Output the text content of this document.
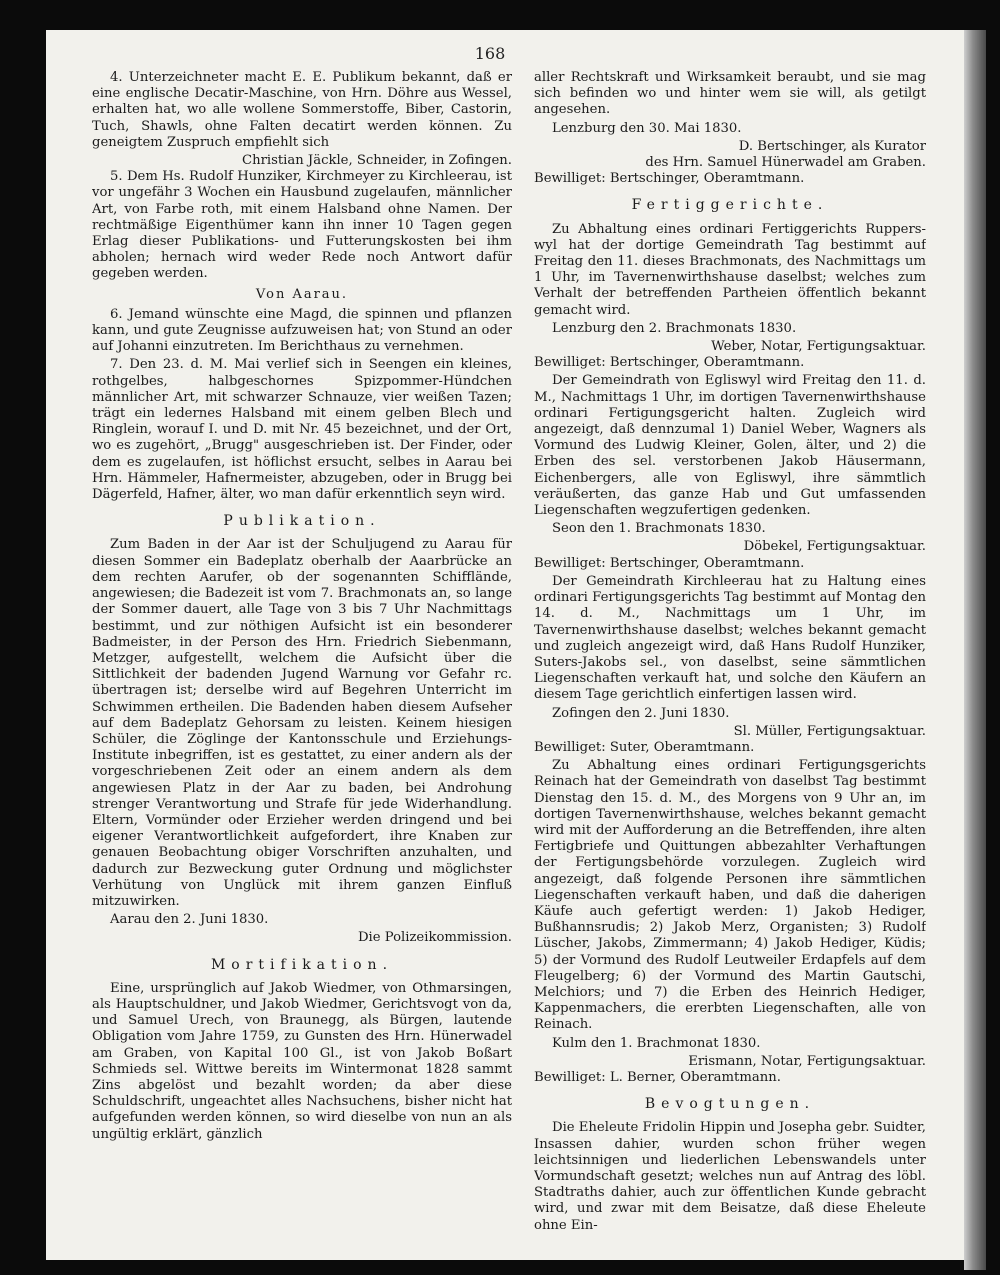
168

4. Unterzeichneter macht E. E. Publikum bekannt, daß er eine englische Decatir-Maschine, von Hrn. Döhre aus Wessel, erhalten hat, wo alle wollene Sommerstoffe, Biber, Castorin, Tuch, Shawls, ohne Falten decatirt werden können. Zu geneigtem Zuspruch empfiehlt sich

Christian Jäckle, Schneider, in Zofingen.

5. Dem Hs. Rudolf Hunziker, Kirchmeyer zu Kirchleerau, ist vor ungefähr 3 Wochen ein Hausbund zugelaufen, männlicher Art, von Farbe roth, mit einem Halsband ohne Namen. Der rechtmäßige Eigenthümer kann ihn inner 10 Tagen gegen Erlag dieser Publikations- und Futterungskosten bei ihm abholen; hernach wird weder Rede noch Antwort dafür gegeben werden.

Von Aarau.

6. Jemand wünschte eine Magd, die spinnen und pflanzen kann, und gute Zeugnisse aufzuweisen hat; von Stund an oder auf Johanni einzutreten. Im Berichthaus zu vernehmen.

7. Den 23. d. M. Mai verlief sich in Seengen ein kleines, rothgelbes, halbgeschornes Spizpommer-Hündchen männlicher Art, mit schwarzer Schnauze, vier weißen Tazen; trägt ein ledernes Halsband mit einem gelben Blech und Ringlein, worauf I. und D. mit Nr. 45 bezeichnet, und der Ort, wo es zugehört, „Brugg" ausgeschrieben ist. Der Finder, oder dem es zugelaufen, ist höflichst ersucht, selbes in Aarau bei Hrn. Hämmeler, Hafnermeister, abzugeben, oder in Brugg bei Dägerfeld, Hafner, älter, wo man dafür erkenntlich seyn wird.

Publikation.

Zum Baden in der Aar ist der Schuljugend zu Aarau für diesen Sommer ein Badeplatz oberhalb der Aaarbrücke an dem rechten Aarufer, ob der sogenannten Schifflände, angewiesen; die Badezeit ist vom 7. Brachmonats an, so lange der Sommer dauert, alle Tage von 3 bis 7 Uhr Nachmittags bestimmt, und zur nöthigen Aufsicht ist ein besonderer Badmeister, in der Person des Hrn. Friedrich Siebenmann, Metzger, aufgestellt, welchem die Aufsicht über die Sittlichkeit der badenden Jugend Warnung vor Gefahr rc. übertragen ist; derselbe wird auf Begehren Unterricht im Schwimmen ertheilen. Die Badenden haben diesem Aufseher auf dem Badeplatz Gehorsam zu leisten. Keinem hiesigen Schüler, die Zöglinge der Kantonsschule und Erziehungs-Institute inbegriffen, ist es gestattet, zu einer andern als der vorgeschriebenen Zeit oder an einem andern als dem angewiesen Platz in der Aar zu baden, bei Androhung strenger Verantwortung und Strafe für jede Widerhandlung. Eltern, Vormünder oder Erzieher werden dringend und bei eigener Verantwortlichkeit aufgefordert, ihre Knaben zur genauen Beobachtung obiger Vorschriften anzuhalten, und dadurch zur Bezweckung guter Ordnung und möglichster Verhütung von Unglück mit ihrem ganzen Einfluß mitzuwirken.

Aarau den 2. Juni 1830.

Die Polizeikommission.

Mortifikation.

Eine, ursprünglich auf Jakob Wiedmer, von Othmarsingen, als Hauptschuldner, und Jakob Wiedmer, Gerichtsvogt von da, und Samuel Urech, von Braunegg, als Bürgen, lautende Obligation vom Jahre 1759, zu Gunsten des Hrn. Hünerwadel am Graben, von Kapital 100 Gl., ist von Jakob Boßart Schmieds sel. Wittwe bereits im Wintermonat 1828 sammt Zins abgelöst und bezahlt worden; da aber diese Schuldschrift, ungeachtet alles Nachsuchens, bisher nicht hat aufgefunden werden können, so wird dieselbe von nun an als ungültig erklärt, gänzlich

aller Rechtskraft und Wirksamkeit beraubt, und sie mag sich befinden wo und hinter wem sie will, als getilgt angesehen.

Lenzburg den 30. Mai 1830.

D. Bertschinger, als Kurator

des Hrn. Samuel Hünerwadel am Graben.

Bewilliget: Bertschinger, Oberamtmann.

Fertiggerichte.

Zu Abhaltung eines ordinari Fertiggerichts Ruppers-wyl hat der dortige Gemeindrath Tag bestimmt auf Freitag den 11. dieses Brachmonats, des Nachmittags um 1 Uhr, im Tavernenwirthshause daselbst; welches zum Verhalt der betreffenden Partheien öffentlich bekannt gemacht wird.

Lenzburg den 2. Brachmonats 1830.

Weber, Notar, Fertigungsaktuar.

Bewilliget: Bertschinger, Oberamtmann.

Der Gemeindrath von Egliswyl wird Freitag den 11. d. M., Nachmittags 1 Uhr, im dortigen Tavernenwirthshause ordinari Fertigungsgericht halten. Zugleich wird angezeigt, daß dennzumal 1) Daniel Weber, Wagners als Vormund des Ludwig Kleiner, Golen, älter, und 2) die Erben des sel. verstorbenen Jakob Häusermann, Eichenbergers, alle von Egliswyl, ihre sämmtlich veräußerten, das ganze Hab und Gut umfassenden Liegenschaften wegzufertigen gedenken.

Seon den 1. Brachmonats 1830.

Döbekel, Fertigungsaktuar.

Bewilliget: Bertschinger, Oberamtmann.

Der Gemeindrath Kirchleerau hat zu Haltung eines ordinari Fertigungsgerichts Tag bestimmt auf Montag den 14. d. M., Nachmittags um 1 Uhr, im Tavernenwirthshause daselbst; welches bekannt gemacht und zugleich angezeigt wird, daß Hans Rudolf Hunziker, Suters-Jakobs sel., von daselbst, seine sämmtlichen Liegenschaften verkauft hat, und solche den Käufern an diesem Tage gerichtlich einfertigen lassen wird.

Zofingen den 2. Juni 1830.

Sl. Müller, Fertigungsaktuar.

Bewilliget: Suter, Oberamtmann.

Zu Abhaltung eines ordinari Fertigungsgerichts Reinach hat der Gemeindrath von daselbst Tag bestimmt Dienstag den 15. d. M., des Morgens von 9 Uhr an, im dortigen Tavernenwirthshause, welches bekannt gemacht wird mit der Aufforderung an die Betreffenden, ihre alten Fertigbriefe und Quittungen abbezahlter Verhaftungen der Fertigungsbehörde vorzulegen. Zugleich wird angezeigt, daß folgende Personen ihre sämmtlichen Liegenschaften verkauft haben, und daß die daherigen Käufe auch gefertigt werden: 1) Jakob Hediger, Bußhannsrudis; 2) Jakob Merz, Organisten; 3) Rudolf Lüscher, Jakobs, Zimmermann; 4) Jakob Hediger, Küdis; 5) der Vormund des Rudolf Leutweiler Erdapfels auf dem Fleugelberg; 6) der Vormund des Martin Gautschi, Melchiors; und 7) die Erben des Heinrich Hediger, Kappenmachers, die ererbten Liegenschaften, alle von Reinach.

Kulm den 1. Brachmonat 1830.

Erismann, Notar, Fertigungsaktuar.

Bewilliget: L. Berner, Oberamtmann.

Bevogtungen.

Die Eheleute Fridolin Hippin und Josepha gebr. Suidter, Insassen dahier, wurden schon früher wegen leichtsinnigen und liederlichen Lebenswandels unter Vormundschaft gesetzt; welches nun auf Antrag des löbl. Stadtraths dahier, auch zur öffentlichen Kunde gebracht wird, und zwar mit dem Beisatze, daß diese Eheleute ohne Ein-
